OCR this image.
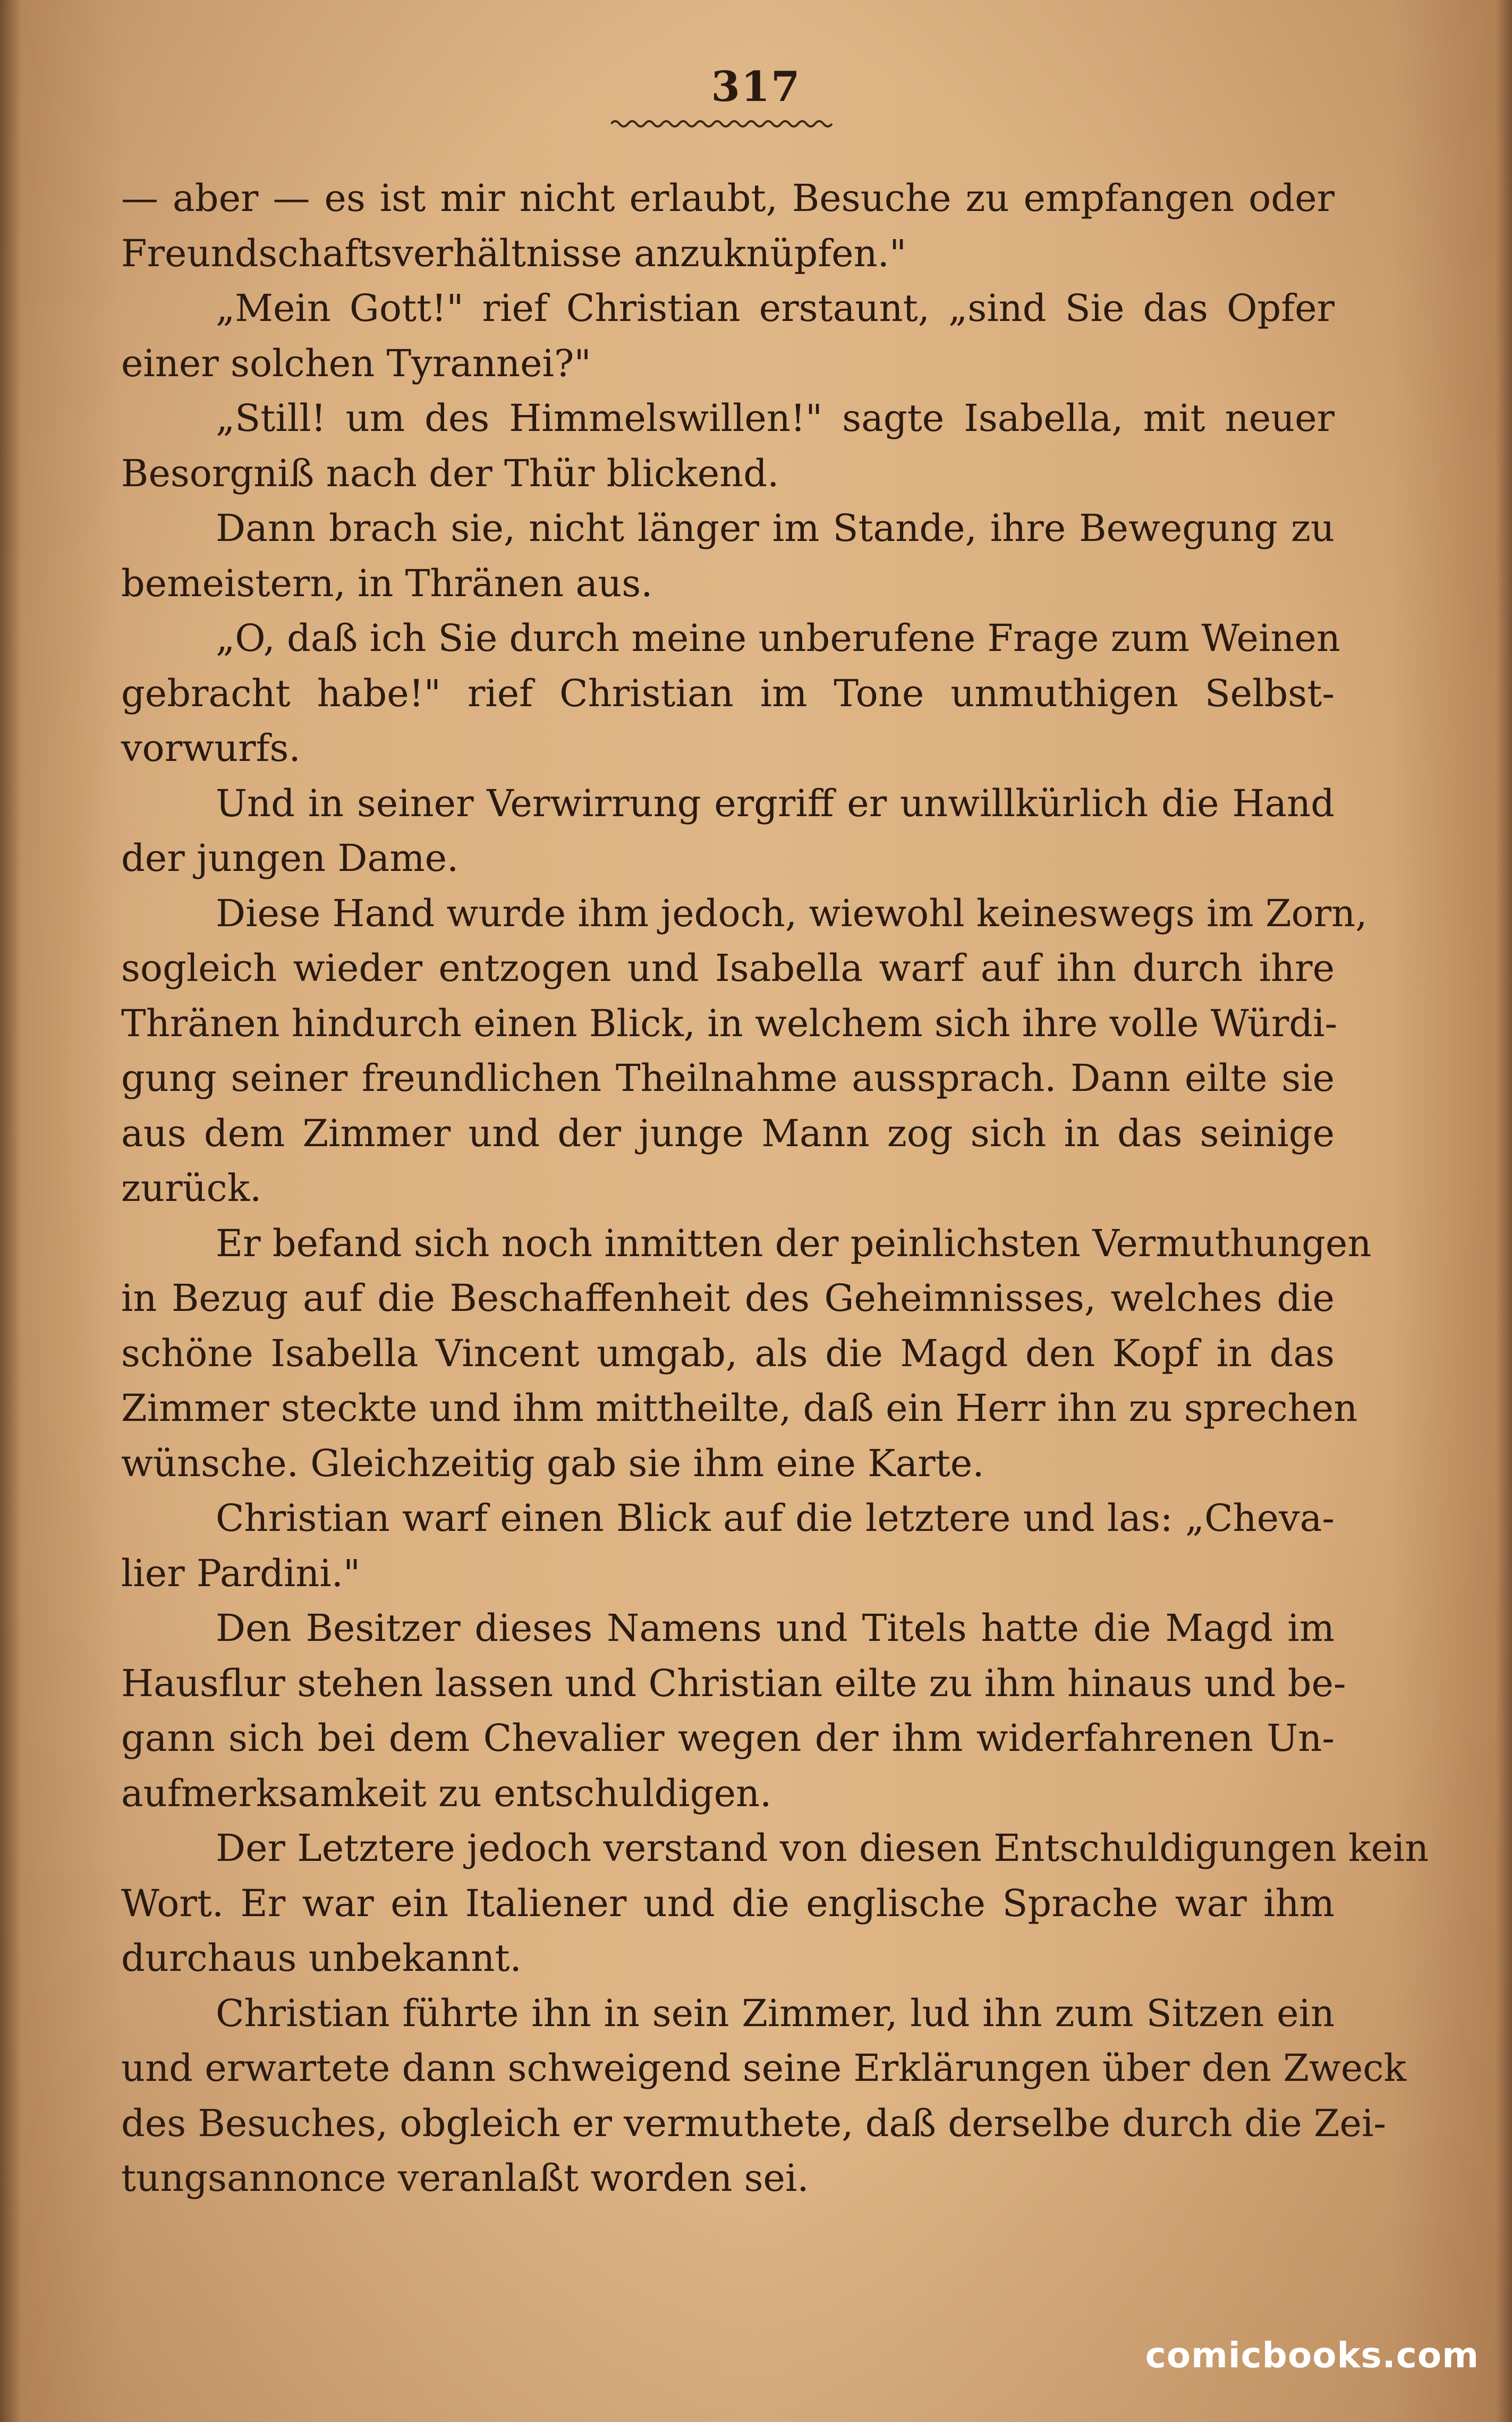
317
— aber — es ist mir nicht erlaubt, Besuche zu empfangen oder
Freundschaftsverhältnisse anzuknüpfen."
„Mein Gott!" rief Christian erstaunt, „sind Sie das Opfer
einer solchen Tyrannei?"
„Still! um des Himmelswillen!" sagte Isabella, mit neuer
Besorgniß nach der Thür blickend.
Dann brach sie, nicht länger im Stande, ihre Bewegung zu
bemeistern, in Thränen aus.
„O, daß ich Sie durch meine unberufene Frage zum Weinen
gebracht habe!" rief Christian im Tone unmuthigen Selbst-
vorwurfs.
Und in seiner Verwirrung ergriff er unwillkürlich die Hand
der jungen Dame.
Diese Hand wurde ihm jedoch, wiewohl keineswegs im Zorn,
sogleich wieder entzogen und Isabella warf auf ihn durch ihre
Thränen hindurch einen Blick, in welchem sich ihre volle Würdi-
gung seiner freundlichen Theilnahme aussprach. Dann eilte sie
aus dem Zimmer und der junge Mann zog sich in das seinige
zurück.
Er befand sich noch inmitten der peinlichsten Vermuthungen
in Bezug auf die Beschaffenheit des Geheimnisses, welches die
schöne Isabella Vincent umgab, als die Magd den Kopf in das
Zimmer steckte und ihm mittheilte, daß ein Herr ihn zu sprechen
wünsche. Gleichzeitig gab sie ihm eine Karte.
Christian warf einen Blick auf die letztere und las: „Cheva-
lier Pardini."
Den Besitzer dieses Namens und Titels hatte die Magd im
Hausflur stehen lassen und Christian eilte zu ihm hinaus und be-
gann sich bei dem Chevalier wegen der ihm widerfahrenen Un-
aufmerksamkeit zu entschuldigen.
Der Letztere jedoch verstand von diesen Entschuldigungen kein
Wort. Er war ein Italiener und die englische Sprache war ihm
durchaus unbekannt.
Christian führte ihn in sein Zimmer, lud ihn zum Sitzen ein
und erwartete dann schweigend seine Erklärungen über den Zweck
des Besuches, obgleich er vermuthete, daß derselbe durch die Zei-
tungsannonce veranlaßt worden sei.
comicbooks.com
